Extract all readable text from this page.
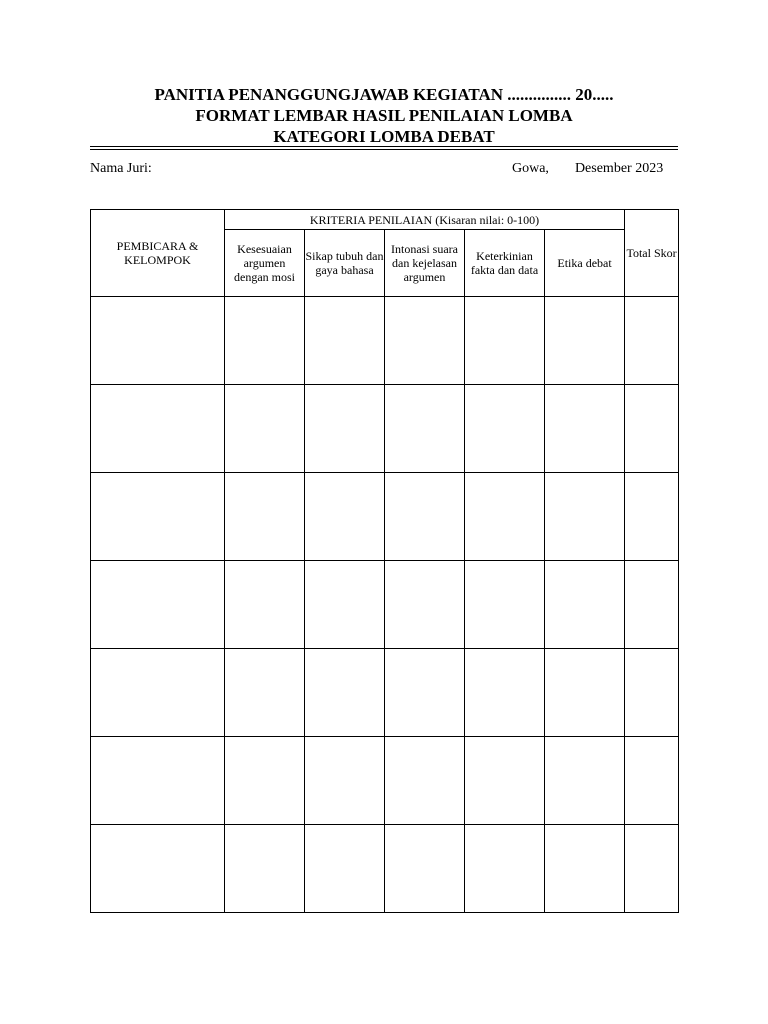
PANITIA PENANGGUNGJAWAB KEGIATAN ............... 20.....
FORMAT LEMBAR HASIL PENILAIAN LOMBA
KATEGORI LOMBA DEBAT
Nama Juri:	Gowa, Desember 2023
PEMBICARA & KELOMPOK	KRITERIA PENILAIAN (Kisaran nilai: 0-100)					Total Skor
	Kesesuaian argumen dengan mosi	Sikap tubuh dan gaya bahasa	Intonasi suara dan kejelasan argumen	Keterkinian fakta dan data	Etika debat	
